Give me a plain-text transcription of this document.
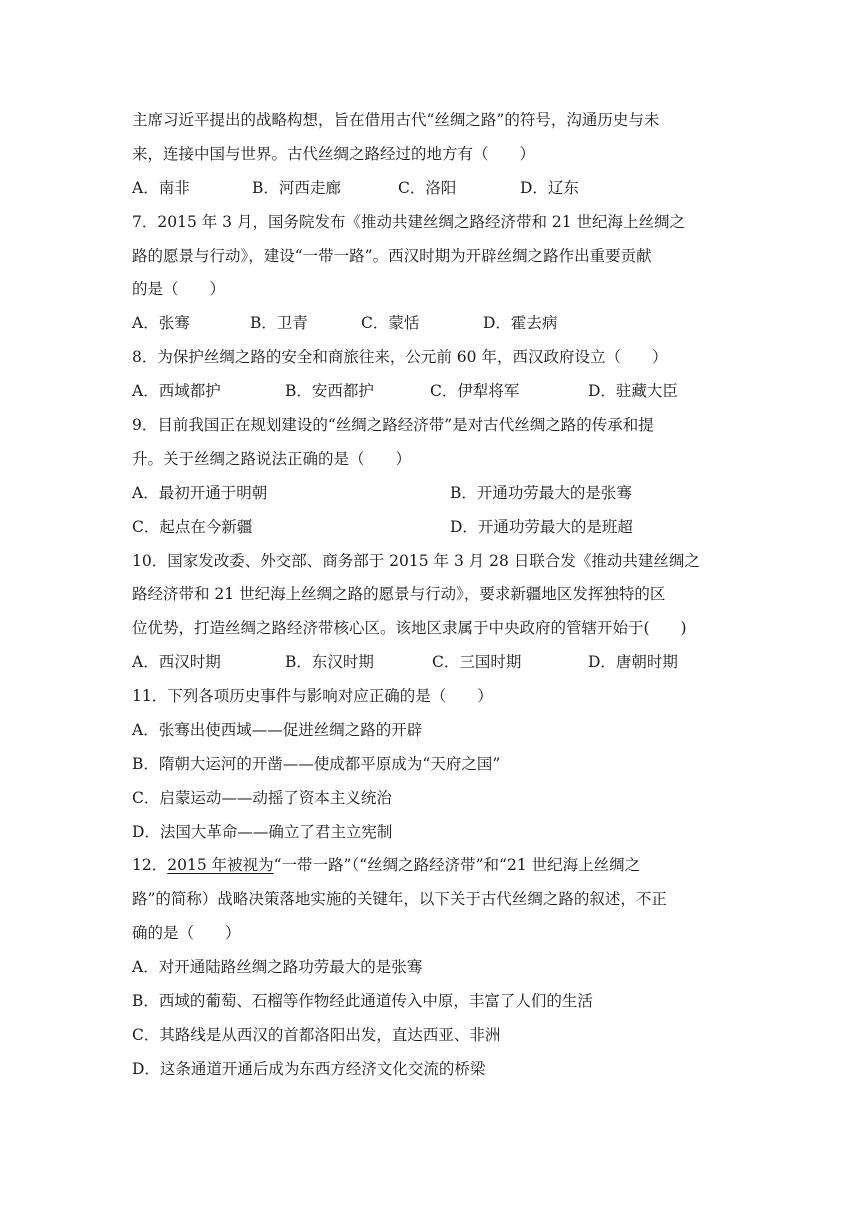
主席习近平提出的战略构想，旨在借用古代“丝绸之路”的符号，沟通历史与未
来，连接中国与世界。古代丝绸之路经过的地方有（　　）
A．南非	B．河西走廊	C．洛阳	D．辽东
7．2015 年 3 月，国务院发布《推动共建丝绸之路经济带和 21 世纪海上丝绸之
路的愿景与行动》，建设“一带一路”。西汉时期为开辟丝绸之路作出重要贡献
的是（　　）
A．张骞	B．卫青	C．蒙恬	D．霍去病
8．为保护丝绸之路的安全和商旅往来，公元前 60 年，西汉政府设立（　　）
A．西域都护	B．安西都护	C．伊犁将军	D．驻藏大臣
9．目前我国正在规划建设的“丝绸之路经济带”是对古代丝绸之路的传承和提
升。关于丝绸之路说法正确的是（　　）
A．最初开通于明朝	B．开通功劳最大的是张骞
C．起点在今新疆	D．开通功劳最大的是班超
10．国家发改委、外交部、商务部于 2015 年 3 月 28 日联合发《推动共建丝绸之
路经济带和 21 世纪海上丝绸之路的愿景与行动》，要求新疆地区发挥独特的区
位优势，打造丝绸之路经济带核心区。该地区隶属于中央政府的管辖开始于(　　)
A．西汉时期	B．东汉时期	C．三国时期	D．唐朝时期
11．下列各项历史事件与影响对应正确的是（　　）
A．张骞出使西域——促进丝绸之路的开辟
B．隋朝大运河的开凿——使成都平原成为“天府之国”
C．启蒙运动——动摇了资本主义统治
D．法国大革命——确立了君主立宪制
12．2015 年被视为“一带一路”（“丝绸之路经济带”和“21 世纪海上丝绸之
路”的简称）战略决策落地实施的关键年，以下关于古代丝绸之路的叙述，不正
确的是（　　）
A．对开通陆路丝绸之路功劳最大的是张骞
B．西域的葡萄、石榴等作物经此通道传入中原，丰富了人们的生活
C．其路线是从西汉的首都洛阳出发，直达西亚、非洲
D．这条通道开通后成为东西方经济文化交流的桥梁
